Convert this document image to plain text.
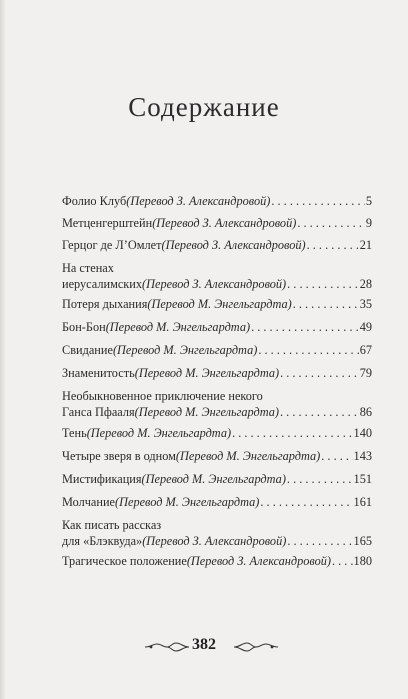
Содержание
Фолио Клуб (Перевод З. Александровой) . . .	5
Метценгерштейн (Перевод З. Александровой) . . .	9
Герцог де Л’Омлет (Перевод З. Александровой) . . .	21
На стенах
иерусалимских (Перевод З. Александровой) . . .	28
Потеря дыхания (Перевод М. Энгельгардта) . . .	35
Бон-Бон (Перевод М. Энгельгардта) . . .	49
Свидание (Перевод М. Энгельгардта) . . .	67
Знаменитость (Перевод М. Энгельгардта) . . .	79
Необыкновенное приключение некого
Ганса Пфааля (Перевод М. Энгельгардта) . . .	86
Тень (Перевод М. Энгельгардта) . . .	140
Четыре зверя в одном (Перевод М. Энгельгардта) . . .	143
Мистификация (Перевод М. Энгельгардта) . . .	151
Молчание (Перевод М. Энгельгардта) . . .	161
Как писать рассказ
для «Блэквуда» (Перевод З. Александровой) . . .	165
Трагическое положение (Перевод З. Александровой) . . . 180
382
